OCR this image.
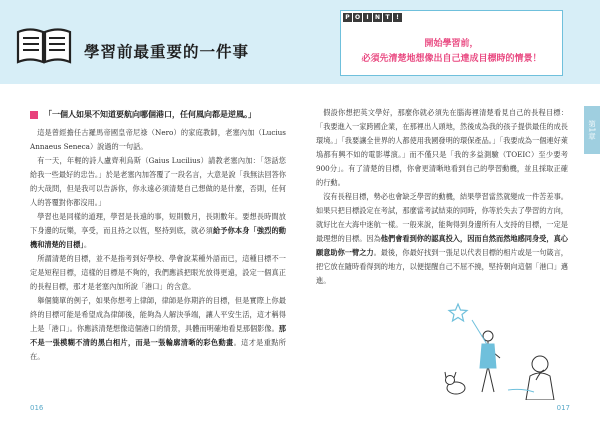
學習前最重要的一件事
P O	I	N T	!
開始學習前，
必須先清楚地想像出自己達成目標時的情景！
第1章
「一個人如果不知道要航向哪個港口，任何風向都是逆風。」

這是曾經擔任古羅馬帝國皇帝尼祿（Nero）的家庭教師，老塞內加（Lucius Annaeus Seneca）說過的一句話。

有一天，年輕的詩人盧齊利烏斯（Gaius Lucilius）請教老塞內加：「怨話您給我一些最好的忠告。」於是老塞內加答覆了一段名言，大意是說「我無法回答你的大哉問，但是我可以告訴你，你永遠必須清楚自己想做的是什麼，否則，任何人的答覆對你都沒用。」

學習也是同樣的道理，學習是長遠的事，短則數月，長則數年。要想長時間放下身邊的玩樂，享受，而且持之以恆，堅持到底，就必須給予你本身「強烈的動機和清楚的目標」。

所謂清楚的目標，並不是指考到好學校、學會說某種外語而已，這種目標不一定是短程目標，這樣的目標是不夠的，我們應該把眼光放得更遠，設定一個真正的長程目標，那才是老塞內加所說「港口」的含意。

舉個簡單的例子，如果你想考上律師，律師是你期許的目標，但是實際上你最終的目標可能是希望成為律師後，能夠為人解決爭端，讓人平安生活，這才稱得上是「港口」。你應該清楚想像這個港口的情景，具體而明確地看見那個影像。那不是一張模糊不清的黑白相片，而是一張輪廓清晰的彩色動畫。這才是重點所在。

假設你想把英文學好，那麼你就必須先在腦海裡清楚看見自己的長程目標：「我要進入一家跨國企業，在那裡出人頭地，然後成為我的孩子提供最佳的成長環境。」「我要讓全世界的人都使用我國發明的環保產品。」「我要成為一個連好萊塢都有興不如的電影導演。」而不僅只是「我的多益測驗（TOEIC）至少要考900分」。有了清楚的目標，你會更清晰地看到自己的學習動機，並且採取正確的行動。

沒有長程目標，勢必也會缺乏學習的動機，結果學習當然就變成一件苦差事。如果只把目標設定在考試，那麼當考試結束的同時，你等於失去了學習的方向，就好比在大海中迷航一樣。一般來說，能夠得到身邊所有人支持的目標，一定是最理想的目標。因為他們會看到你的認真投入，因而自然而然地感同身受，真心願意助你一臂之力。最後，你最好找到一張足以代表目標的相片或是一句箴言，把它放在隨時看得到的地方，以便提醒自己不屈不撓，堅持朝向這個「港口」邁進。

016	017
